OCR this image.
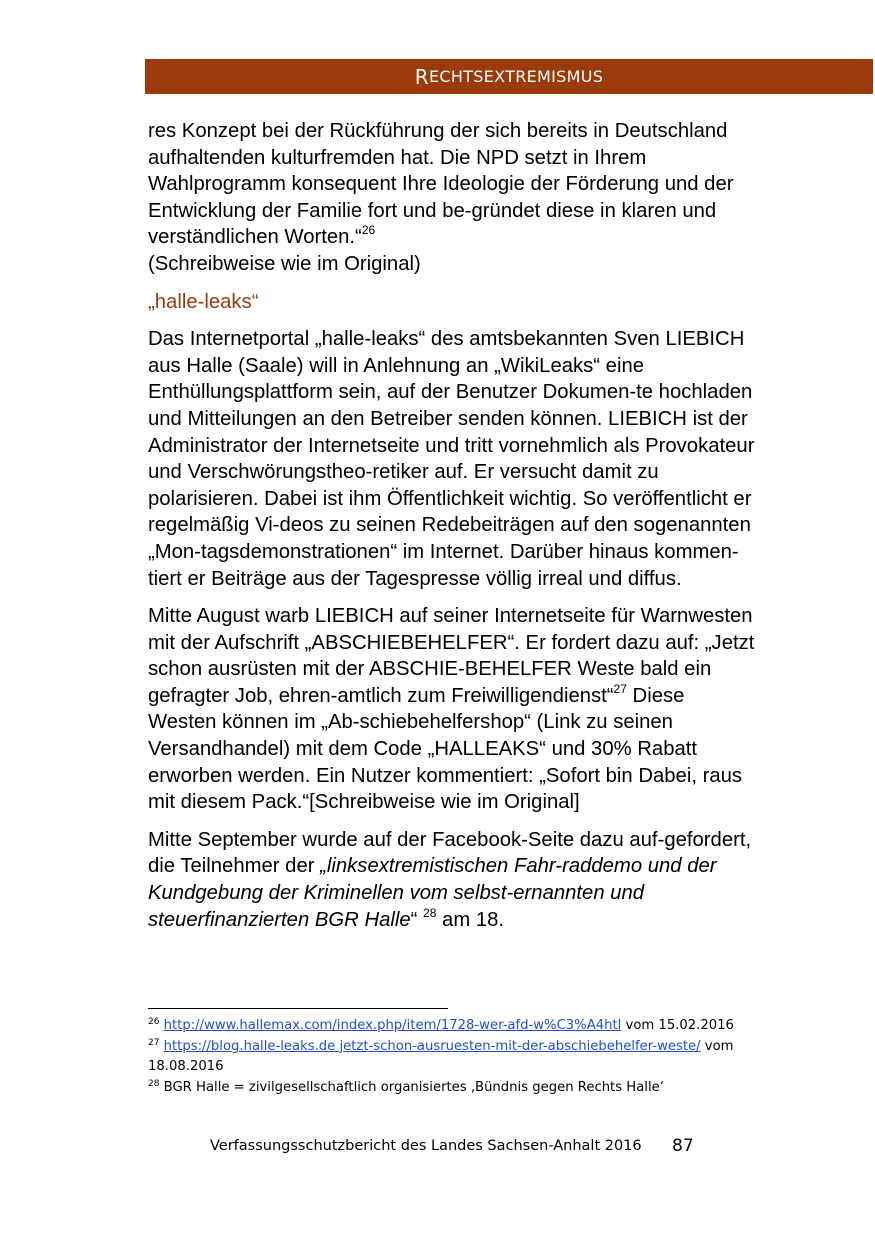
R ECHTSEXTREMISMUS

res Konzept bei der Rückführung der sich bereits in Deutschland aufhaltenden kulturfremden hat. Die NPD setzt in Ihrem Wahlprogramm konsequent Ihre Ideologie der Förderung und der Entwicklung der Familie fort und be-gründet diese in klaren und verständlichen Worten.“$^{26}$

(Schreibweise wie im Original)

„halle-leaks“

Das Internetportal „halle-leaks“ des amtsbekannten Sven LIEBICH aus Halle (Saale) will in Anlehnung an „WikiLeaks“ eine Enthüllungsplattform sein, auf der Benutzer Dokumen-te hochladen und Mitteilungen an den Betreiber senden können. LIEBICH ist der Administrator der Internetseite und tritt vornehmlich als Provokateur und Verschwörungstheo-retiker auf. Er versucht damit zu polarisieren. Dabei ist ihm Öffentlichkeit wichtig. So veröffentlicht er regelmäßig Vi-deos zu seinen Redebeiträgen auf den sogenannten „Mon-tagsdemonstrationen“ im Internet. Darüber hinaus kommen-tiert er Beiträge aus der Tagespresse völlig irreal und diffus.

Mitte August warb LIEBICH auf seiner Internetseite für Warnwesten mit der Aufschrift „ABSCHIEBEHELFER“. Er fordert dazu auf: „Jetzt schon ausrüsten mit der ABSCHIE-BEHELFER Weste bald ein gefragter Job, ehren-amtlich zum Freiwilligendienst“$^{27}$ Diese Westen können im „Ab-schiebehelfershop“ (Link zu seinen Versandhandel) mit dem Code „HALLEAKS“ und 30% Rabatt erworben werden. Ein Nutzer kommentiert: „Sofort bin Dabei, raus mit diesem Pack.“[Schreibweise wie im Original]

Mitte September wurde auf der Facebook-Seite dazu auf-gefordert, die Teilnehmer der „linksextremistischen Fahr-raddemo und der Kundgebung der Kriminellen vom selbst-ernannten und steuerfinanzierten BGR Halle“ $^{28}$ am 18.

$^{26}$ http://www.hallemax.com/index.php/item/1728-wer-afd-w%C3%A4htl vom 15.02.2016
$^{27}$ https://blog.halle-leaks.de jetzt-schon-ausruesten-mit-der-abschiebehelfer-weste/ vom 18.08.2016
$^{28}$ BGR Halle = zivilgesellschaftlich organisiertes ‚Bündnis gegen Rechts Halle‘
Verfassungsschutzbericht des Landes Sachsen-Anhalt 2016 87
